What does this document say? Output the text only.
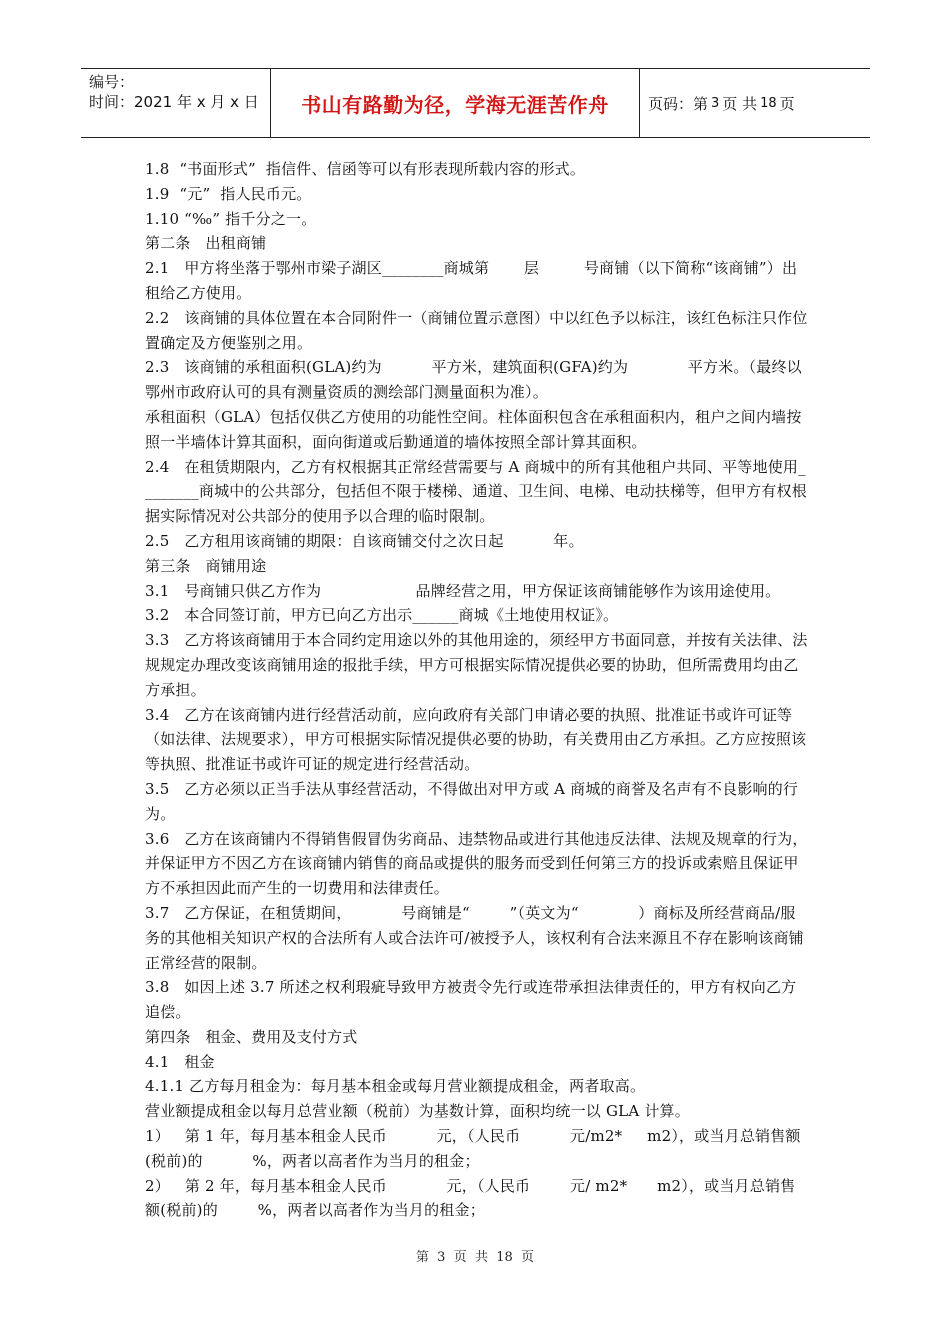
编号：
时间：2021 年 x 月 x 日	书山有路勤为径，学海无涯苦作舟	页码：第 3 页 共 18 页

1.8  “书面形式”  指信件、信函等可以有形表现所载内容的形式。

1.9  “元”  指人民币元。

1.10 “‰” 指千分之一。

第二条   出租商铺

2.1   甲方将坐落于鄂州市梁子湖区________商城第       层         号商铺（以下简称“该商铺”）出租给乙方使用。

2.2   该商铺的具体位置在本合同附件一（商铺位置示意图）中以红色予以标注，该红色标注只作位置确定及方便鉴别之用。

2.3   该商铺的承租面积(GLA)约为          平方米，建筑面积(GFA)约为            平方米。（最终以鄂州市政府认可的具有测量资质的测绘部门测量面积为准）。

承租面积（GLA）包括仅供乙方使用的功能性空间。柱体面积包含在承租面积内，租户之间内墙按照一半墙体计算其面积，面向街道或后勤通道的墙体按照全部计算其面积。

2.4   在租赁期限内，乙方有权根据其正常经营需要与 A 商城中的所有其他租户共同、平等地使用________商城中的公共部分，包括但不限于楼梯、通道、卫生间、电梯、电动扶梯等，但甲方有权根据实际情况对公共部分的使用予以合理的临时限制。

2.5   乙方租用该商铺的期限：自该商铺交付之次日起          年。

第三条   商铺用途

3.1   号商铺只供乙方作为                   品牌经营之用，甲方保证该商铺能够作为该用途使用。

3.2   本合同签订前，甲方已向乙方出示______商城《土地使用权证》。

3.3   乙方将该商铺用于本合同约定用途以外的其他用途的，须经甲方书面同意，并按有关法律、法规规定办理改变该商铺用途的报批手续，甲方可根据实际情况提供必要的协助，但所需费用均由乙方承担。

3.4   乙方在该商铺内进行经营活动前，应向政府有关部门申请必要的执照、批准证书或许可证等（如法律、法规要求），甲方可根据实际情况提供必要的协助，有关费用由乙方承担。乙方应按照该等执照、批准证书或许可证的规定进行经营活动。

3.5   乙方必须以正当手法从事经营活动，不得做出对甲方或 A 商城的商誉及名声有不良影响的行为。

3.6   乙方在该商铺内不得销售假冒伪劣商品、违禁物品或进行其他违反法律、法规及规章的行为，并保证甲方不因乙方在该商铺内销售的商品或提供的服务而受到任何第三方的投诉或索赔且保证甲方不承担因此而产生的一切费用和法律责任。

3.7   乙方保证，在租赁期间，          号商铺是“        ”（英文为“            ）商标及所经营商品/服务的其他相关知识产权的合法所有人或合法许可/被授予人，该权利有合法来源且不存在影响该商铺正常经营的限制。

3.8   如因上述 3.7 所述之权利瑕疵导致甲方被责令先行或连带承担法律责任的，甲方有权向乙方追偿。

第四条   租金、费用及支付方式

4.1   租金

4.1.1 乙方每月租金为：每月基本租金或每月营业额提成租金，两者取高。

营业额提成租金以每月总营业额（税前）为基数计算，面积均统一以 GLA 计算。

1）   第 1 年，每月基本租金人民币          元，（人民币          元/m2*     m2），或当月总销售额(税前)的          %，两者以高者作为当月的租金；

2）   第 2 年，每月基本租金人民币            元，（人民币        元/ m2*      m2），或当月总销售额(税前)的        %，两者以高者作为当月的租金；

第  3  页  共  18  页
